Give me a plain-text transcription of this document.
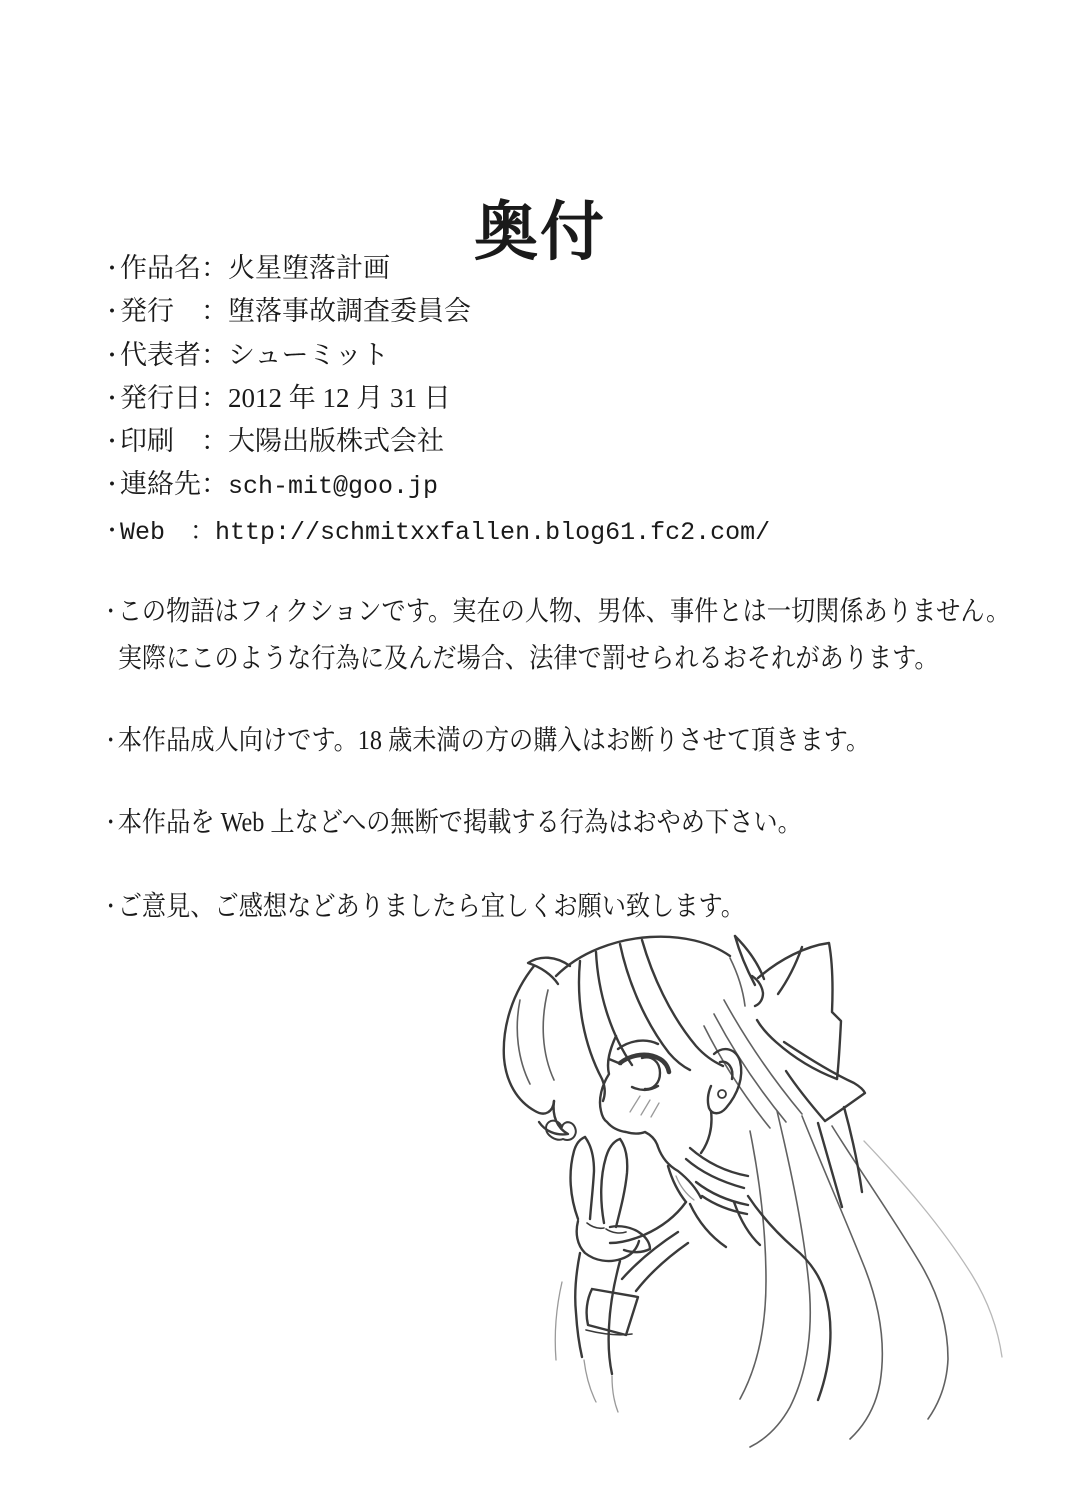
奥付
・作品名：火星堕落計画
・発行　：堕落事故調査委員会
・代表者：シューミット
・発行日：2012 年 12 月 31 日
・印刷　：大陽出版株式会社
・連絡先：sch-mit@goo.jp
・Web　：http://schmitxxfallen.blog61.fc2.com/
・この物語はフィクションです。実在の人物、男体、事件とは一切関係ありません。
実際にこのような行為に及んだ場合、法律で罰せられるおそれがあります。
・本作品成人向けです。18 歳未満の方の購入はお断りさせて頂きます。
・本作品を Web 上などへの無断で掲載する行為はおやめ下さい。
・ご意見、ご感想などありましたら宜しくお願い致します。
